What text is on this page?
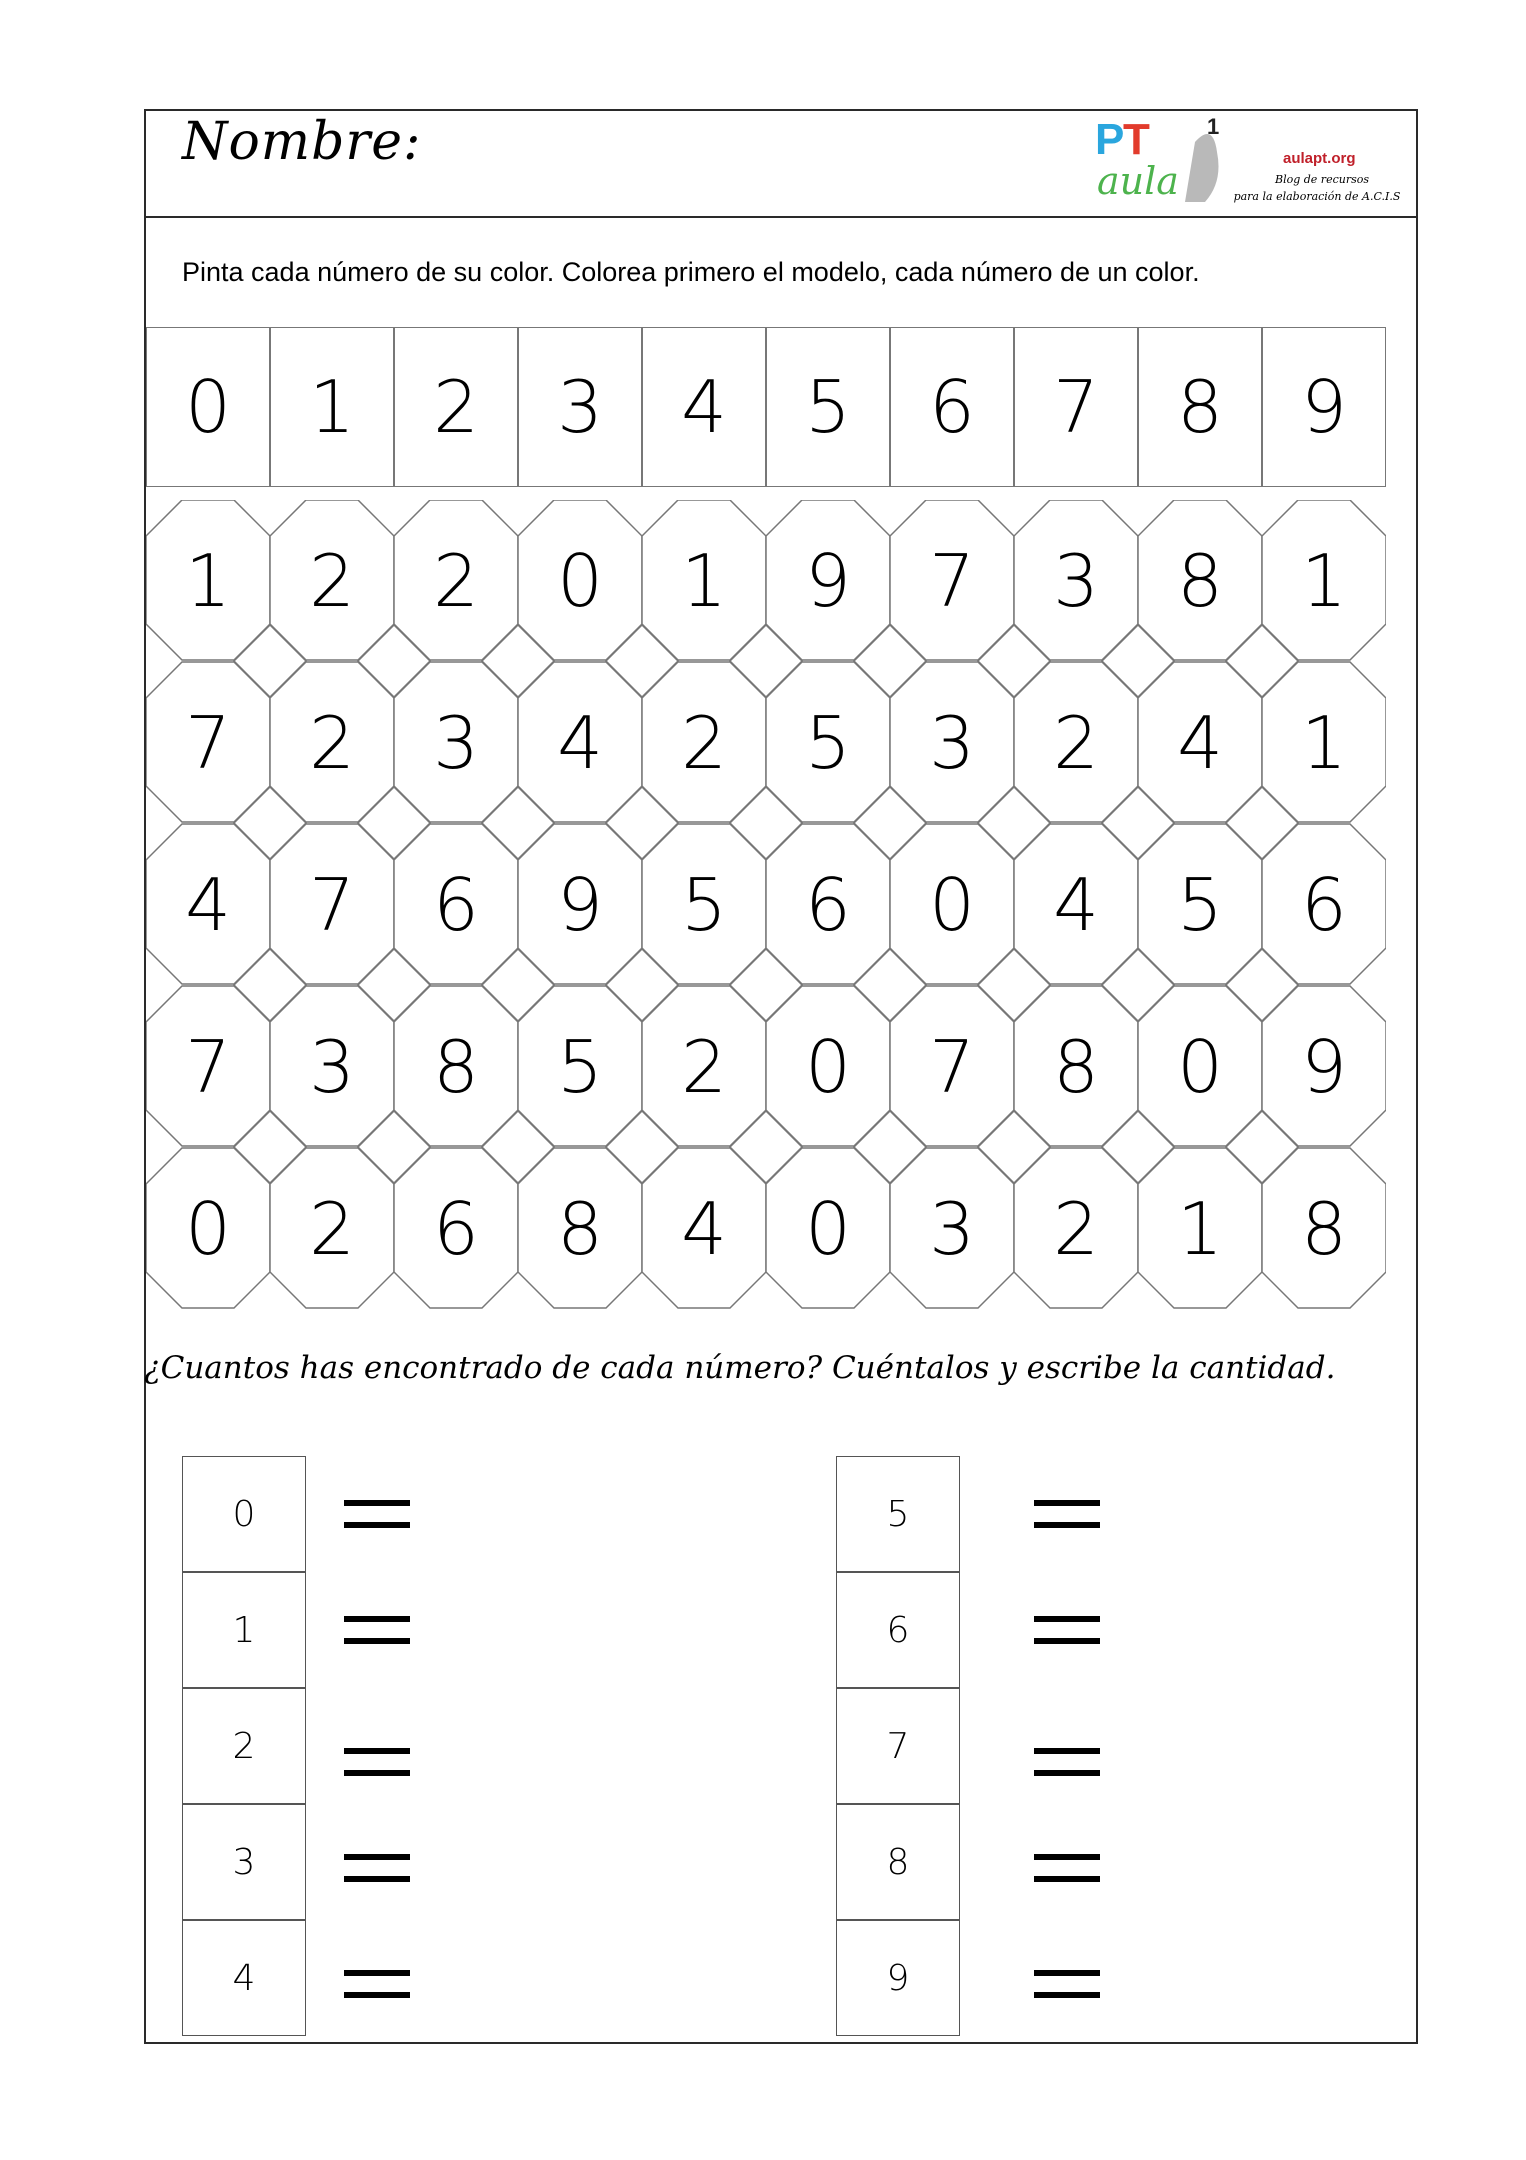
Nombre:	P
T
aula
1
aulapt.org
Blog de recursos
para la elaboración de A.C.I.S
Pinta cada número de su color. Colorea primero el modelo, cada número de un color.
0	1	2	3	4	5	6	7	8	9
1 2 2 0 1 9 7 3 8 1
7 2 3 4 2 5 3 2 4 1
4 7 6 9 5 6 0 4 5 6
7 3 8 5 2 0 7 8 0 9
0 2 6 8 4 0 3 2 1 8
¿Cuantos has encontrado de cada número? Cuéntalos y escribe la cantidad.
0
1
2
3
4
5
6
7
8
9
